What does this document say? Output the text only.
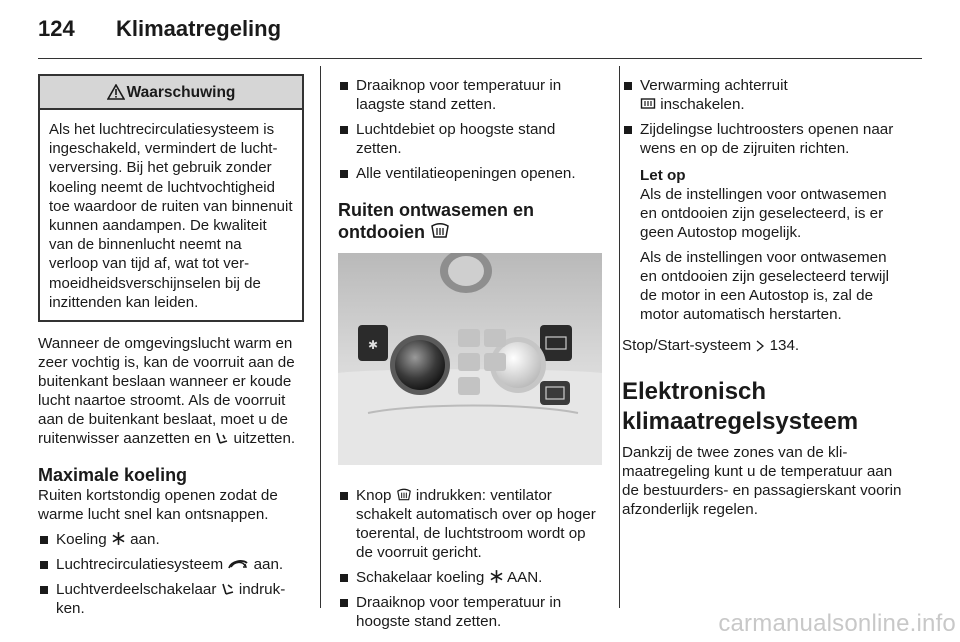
124	Klimaatregeling
Waarschuwing
Als het luchtrecirculatiesysteem is ingeschakeld, vermindert de luchtverversing. Bij het gebruik zonder koeling neemt de luchtvochtigheid toe waardoor de ruiten van binnenuit kunnen aandampen. De kwaliteit van de binnenlucht neemt na verloop van tijd af, wat tot vermoeidheidsverschijnselen bij de inzittenden kan leiden.

Wanneer de omgevingslucht warm en zeer vochtig is, kan de voorruit aan de buitenkant beslaan wanneer er koude lucht naartoe stroomt. Als de voorruit aan de buitenkant beslaat, moet u de ruitenwisser aanzetten en  uitzetten.

Maximale koeling

Ruiten kortstondig openen zodat de warme lucht snel kan ontsnappen.

Koeling  aan.
Luchtrecirculatiesysteem  aan.
Luchtverdeelschakelaar  indrukken.
Draaiknop voor temperatuur in laagste stand zetten.
Luchtdebiet op hoogste stand zetten.
Alle ventilatieopeningen openen.
Ruiten ontwasemen en ontdooien
✱
Knop  indrukken: ventilator schakelt automatisch over op hoger toerental, de luchtstroom wordt op de voorruit gericht.
Schakelaar koeling  AAN.
Draaiknop voor temperatuur in hoogste stand zetten.
Verwarming achterruit
inschakelen.
Zijdelingse luchtroosters openen naar wens en op de zijruiten richten.
Let op

Als de instellingen voor ontwasemen en ontdooien zijn geselecteerd, is er geen Autostop mogelijk.

Als de instellingen voor ontwasemen en ontdooien zijn geselecteerd terwijl de motor in een Autostop is, zal de motor automatisch herstarten.

Stop/Start-systeem  134.

Elektronisch klimaatregelsysteem

Dankzij de twee zones van de klimaatregeling kunt u de temperatuur aan de bestuurders- en passagierskant voorin afzonderlijk regelen.

carmanualsonline.info
